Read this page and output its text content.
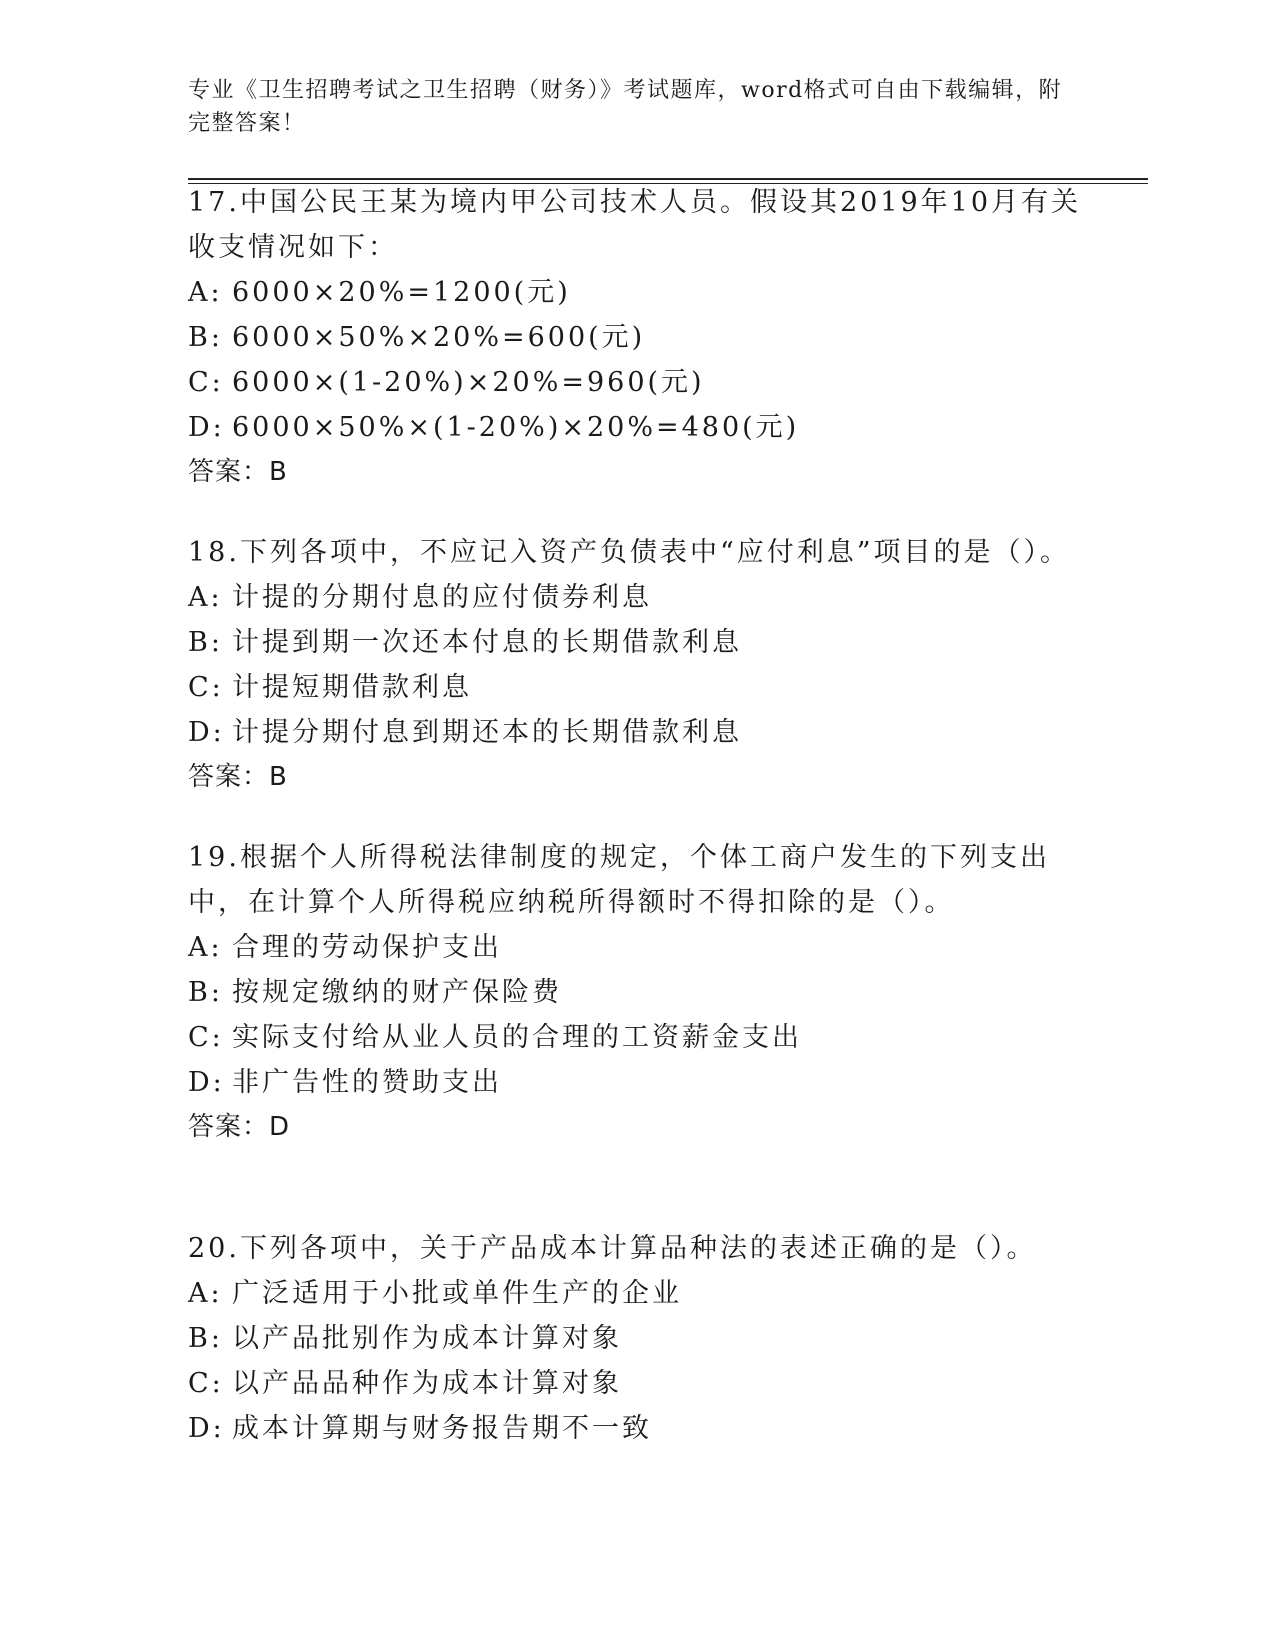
专业《卫生招聘考试之卫生招聘（财务）》考试题库，word格式可自由下载编辑，附完整答案！

17.中国公民王某为境内甲公司技术人员。假设其2019年10月有关收支情况如下：

A: 6000×20%=1200(元)

B: 6000×50%×20%=600(元)

C: 6000×(1-20%)×20%=960(元)

D: 6000×50%×(1-20%)×20%=480(元)

答案：B

18.下列各项中，不应记入资产负债表中“应付利息”项目的是（）。

A: 计提的分期付息的应付债券利息

B: 计提到期一次还本付息的长期借款利息

C: 计提短期借款利息

D: 计提分期付息到期还本的长期借款利息

答案：B

19.根据个人所得税法律制度的规定，个体工商户发生的下列支出中，在计算个人所得税应纳税所得额时不得扣除的是（）。

A: 合理的劳动保护支出

B: 按规定缴纳的财产保险费

C: 实际支付给从业人员的合理的工资薪金支出

D: 非广告性的赞助支出

答案：D

20.下列各项中，关于产品成本计算品种法的表述正确的是（）。

A: 广泛适用于小批或单件生产的企业

B: 以产品批别作为成本计算对象

C: 以产品品种作为成本计算对象

D: 成本计算期与财务报告期不一致
